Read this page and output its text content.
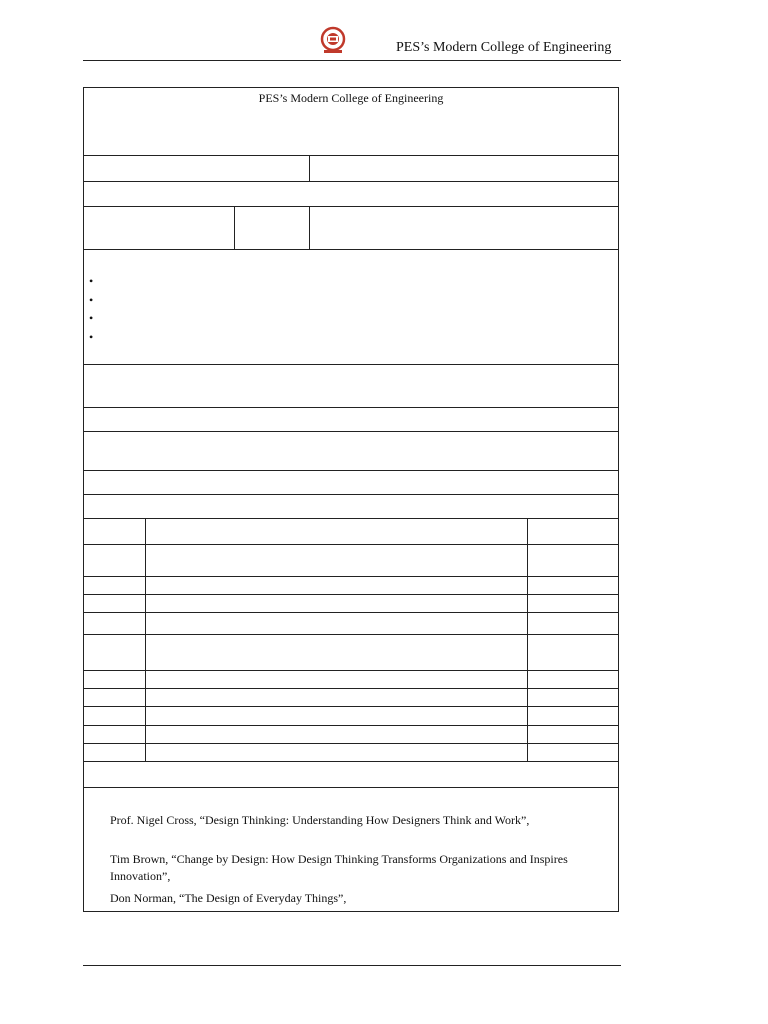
PES’s Modern College of Engineering
PES’s Modern College of Engineering
•
•
•
•
Prof. Nigel Cross, “Design Thinking: Understanding How Designers Think and Work”,
Tim Brown, “Change by Design: How Design Thinking Transforms Organizations and Inspires Innovation”,
Don Norman, “The Design of Everyday Things”,
